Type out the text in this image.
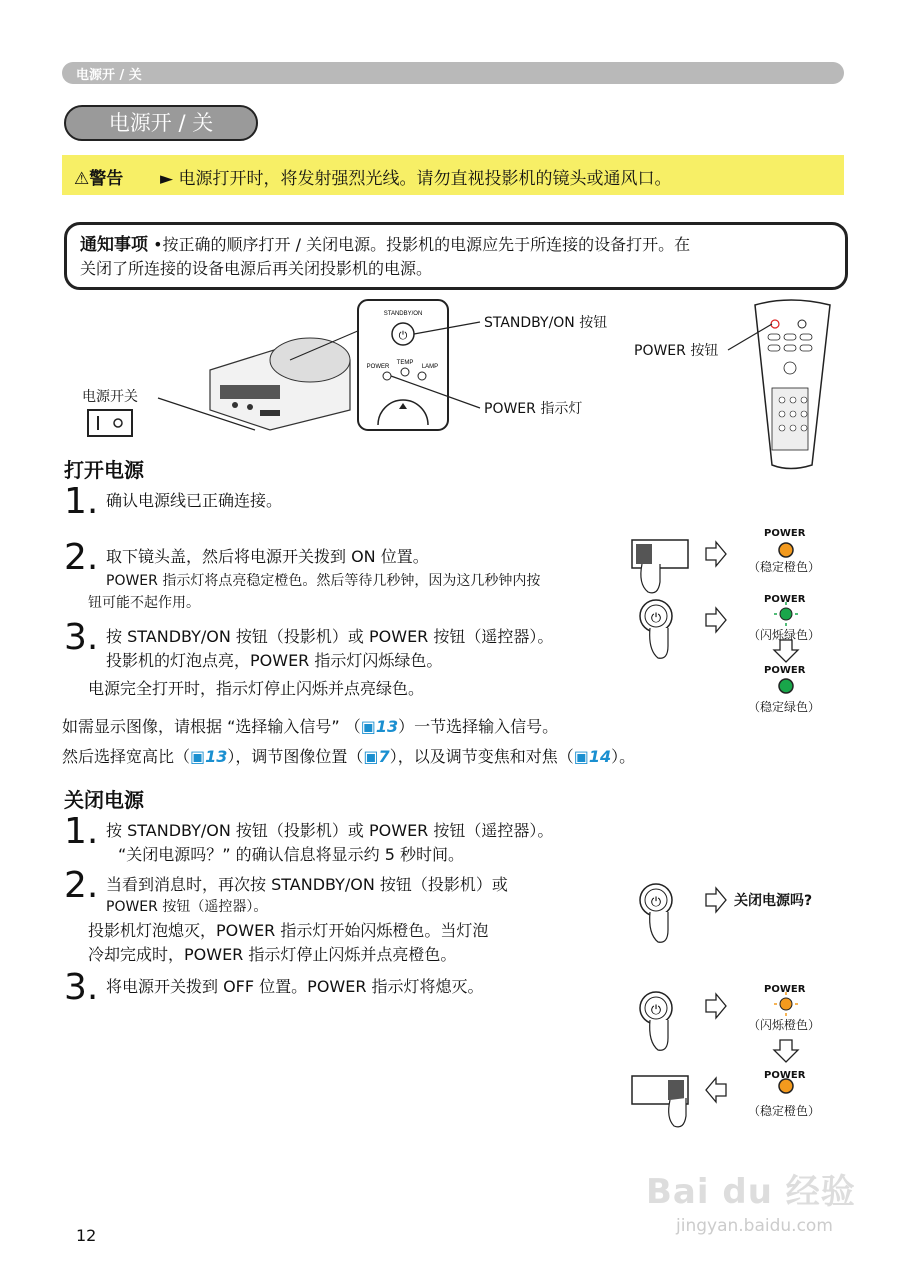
电源开 / 关
电源开 / 关
⚠警告 ► 电源打开时，将发射强烈光线。请勿直视投影机的镜头或通风口。
通知事项 •按正确的顺序打开 / 关闭电源。投影机的电源应先于所连接的设备打开。在
关闭了所连接的设备电源后再关闭投影机的电源。
STANDBY/ON
⏻
POWER
TEMP
LAMP
STANDBY/ON 按钮
POWER 指示灯
POWER 按钮
电源开关
打开电源
1. 确认电源线已正确连接。
2. 取下镜头盖，然后将电源开关拨到 ON 位置。
POWER 指示灯将点亮稳定橙色。然后等待几秒钟，因为这几秒钟内按
钮可能不起作用。
3. 按 STANDBY/ON 按钮（投影机）或 POWER 按钮（遥控器）。
投影机的灯泡点亮，POWER 指示灯闪烁绿色。
电源完全打开时，指示灯停止闪烁并点亮绿色。
如需显示图像，请根据 “选择输入信号” （▣13）一节选择输入信号。
然后选择宽高比（▣13），调节图像位置（▣7），以及调节变焦和对焦（▣14）。
⏻
POWER
（稳定橙色）
POWER
（闪烁绿色）
POWER
（稳定绿色）
关闭电源
1. 按 STANDBY/ON 按钮（投影机）或 POWER 按钮（遥控器）。
“关闭电源吗？” 的确认信息将显示约 5 秒时间。
2. 当看到消息时，再次按 STANDBY/ON 按钮（投影机）或
POWER 按钮（遥控器）。
投影机灯泡熄灭，POWER 指示灯开始闪烁橙色。当灯泡
冷却完成时，POWER 指示灯停止闪烁并点亮橙色。
3. 将电源开关拨到 OFF 位置。POWER 指示灯将熄灭。
⏻
⏻
关闭电源吗?
POWER
（闪烁橙色）
POWER
（稳定橙色）
12
Bai du 经验
jingyan.baidu.com
